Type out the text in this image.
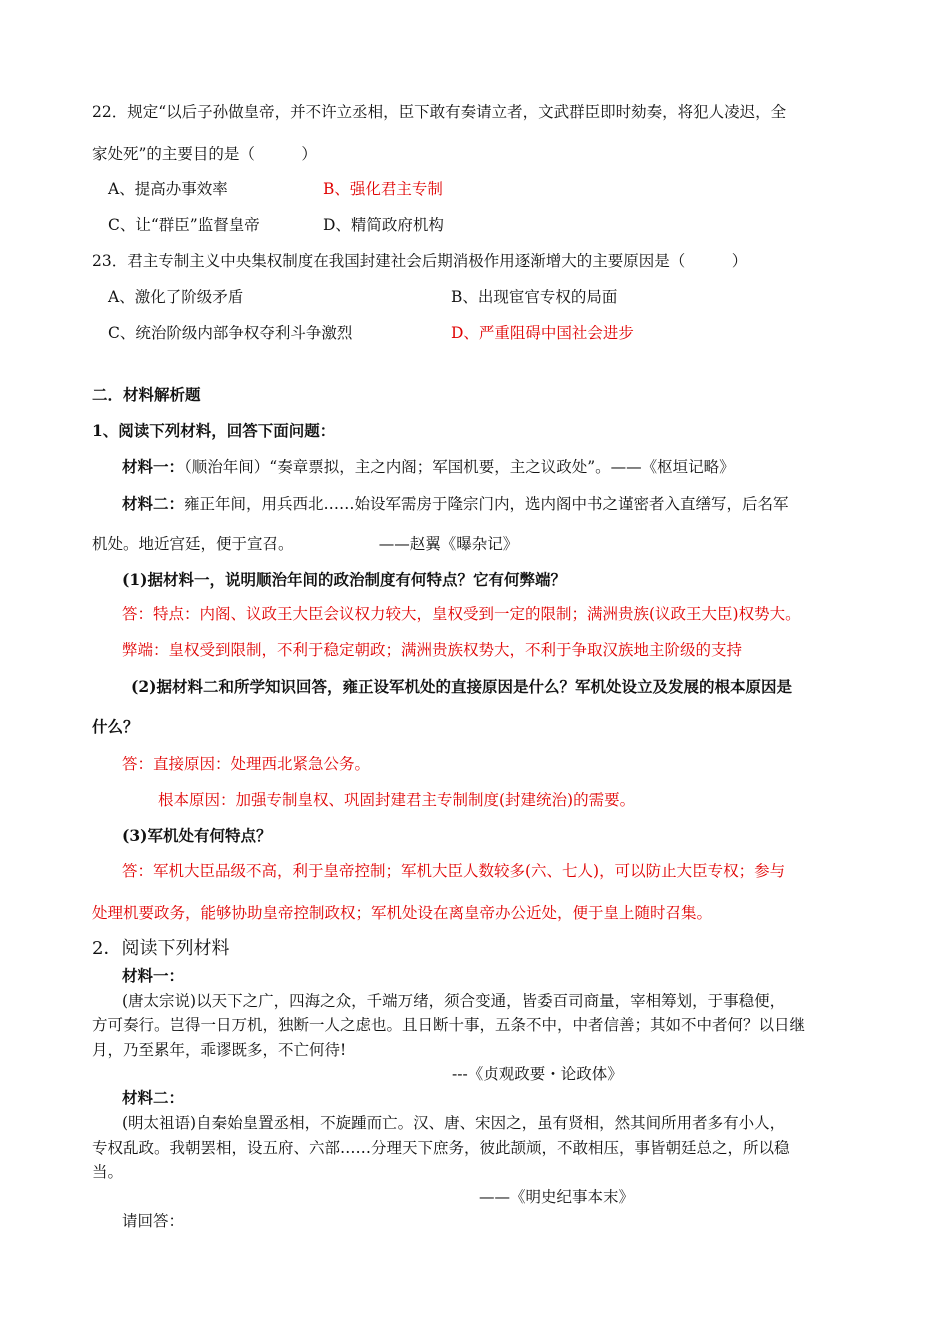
22．规定“以后子孙做皇帝，并不许立丞相，臣下敢有奏请立者，文武群臣即时劾奏，将犯人凌迟，全
家处死”的主要目的是（　　　）
A、提高办事效率	B、强化君主专制
C、让“群臣”监督皇帝	D、精简政府机构
23．君主专制主义中央集权制度在我国封建社会后期消极作用逐渐增大的主要原因是（　　　）
A、激化了阶级矛盾	B、出现宦官专权的局面
C、统治阶级内部争权夺利斗争激烈	D、严重阻碍中国社会进步
二．材料解析题
1、阅读下列材料，回答下面问题：
材料一：（顺治年间）“奏章票拟，主之内阁；军国机要，主之议政处”。——《枢垣记略》
材料二：雍正年间，用兵西北……始设军需房于隆宗门内，选内阁中书之谨密者入直缮写，后名军
机处。地近宫廷，便于宣召。　　　　　　——赵翼《曝杂记》
(1)据材料一，说明顺治年间的政治制度有何特点？它有何弊端？
答：特点：内阁、议政王大臣会议权力较大，皇权受到一定的限制；满洲贵族(议政王大臣)权势大。
弊端：皇权受到限制，不利于稳定朝政；满洲贵族权势大，不利于争取汉族地主阶级的支持
(2)据材料二和所学知识回答，雍正设军机处的直接原因是什么？军机处设立及发展的根本原因是
什么？
答：直接原因：处理西北紧急公务。
根本原因：加强专制皇权、巩固封建君主专制制度(封建统治)的需要。
(3)军机处有何特点？
答：军机大臣品级不高，利于皇帝控制；军机大臣人数较多(六、七人)，可以防止大臣专权；参与
处理机要政务，能够协助皇帝控制政权；军机处设在离皇帝办公近处，便于皇上随时召集。
2．阅读下列材料
材料一：
(唐太宗说)以天下之广，四海之众，千端万绪，须合变通，皆委百司商量，宰相筹划，于事稳便，
方可奏行。岂得一日万机，独断一人之虑也。且日断十事，五条不中，中者信善；其如不中者何？以日继
月，乃至累年，乖谬既多，不亡何待!
---《贞观政要・论政体》
材料二：
(明太祖语)自秦始皇置丞相，不旋踵而亡。汉、唐、宋因之，虽有贤相，然其间所用者多有小人，
专权乱政。我朝罢相，设五府、六部……分理天下庶务，彼此颉颃，不敢相压，事皆朝廷总之，所以稳
当。
——《明史纪事本末》
请回答：
